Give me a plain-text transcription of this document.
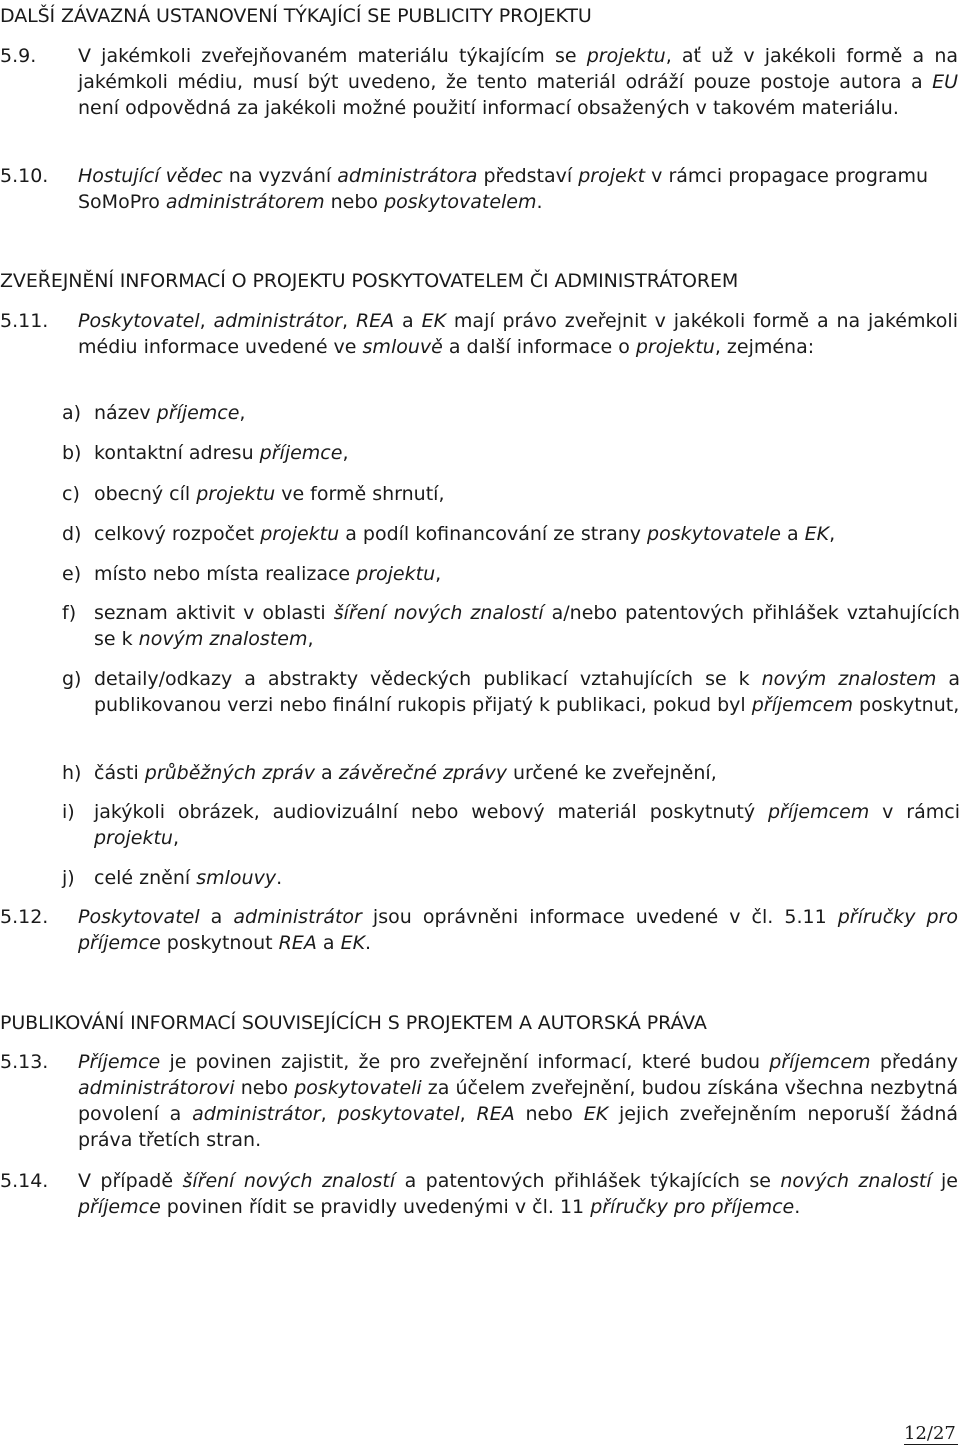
DALŠÍ ZÁVAZNÁ USTANOVENÍ TÝKAJÍCÍ SE PUBLICITY PROJEKTU
5.9. V jakémkoli zveřejňovaném materiálu týkajícím se projektu, ať už v jakékoli formě a na jakémkoli médiu, musí být uvedeno, že tento materiál odráží pouze postoje autora a EU není odpovědná za jakékoli možné použití informací obsažených v takovém materiálu.
5.10. Hostující vědec na vyzvání administrátora představí projekt v rámci propagace programu SoMoPro administrátorem nebo poskytovatelem.
ZVEŘEJNĚNÍ INFORMACÍ O PROJEKTU POSKYTOVATELEM ČI ADMINISTRÁTOREM
5.11. Poskytovatel, administrátor, REA a EK mají právo zveřejnit v jakékoli formě a na jakémkoli médiu informace uvedené ve smlouvě a další informace o projektu, zejména:
a) název příjemce,
b) kontaktní adresu příjemce,
c) obecný cíl projektu ve formě shrnutí,
d) celkový rozpočet projektu a podíl kofinancování ze strany poskytovatele a EK,
e) místo nebo místa realizace projektu,
f) seznam aktivit v oblasti šíření nových znalostí a/nebo patentových přihlášek vztahujících se k novým znalostem,
g) detaily/odkazy a abstrakty vědeckých publikací vztahujících se k novým znalostem a publikovanou verzi nebo finální rukopis přijatý k publikaci, pokud byl příjemcem poskytnut,
h) části průběžných zpráv a závěrečné zprávy určené ke zveřejnění,
i) jakýkoli obrázek, audiovizuální nebo webový materiál poskytnutý příjemcem v rámci projektu,
j) celé znění smlouvy.
5.12. Poskytovatel a administrátor jsou oprávněni informace uvedené v čl. 5.11 příručky pro příjemce poskytnout REA a EK.
PUBLIKOVÁNÍ INFORMACÍ SOUVISEJÍCÍCH S PROJEKTEM A AUTORSKÁ PRÁVA
5.13. Příjemce je povinen zajistit, že pro zveřejnění informací, které budou příjemcem předány administrátorovi nebo poskytovateli za účelem zveřejnění, budou získána všechna nezbytná povolení a administrátor, poskytovatel, REA nebo EK jejich zveřejněním neporuší žádná práva třetích stran.
5.14. V případě šíření nových znalostí a patentových přihlášek týkajících se nových znalostí je příjemce povinen řídit se pravidly uvedenými v čl. 11 příručky pro příjemce.
12/27
